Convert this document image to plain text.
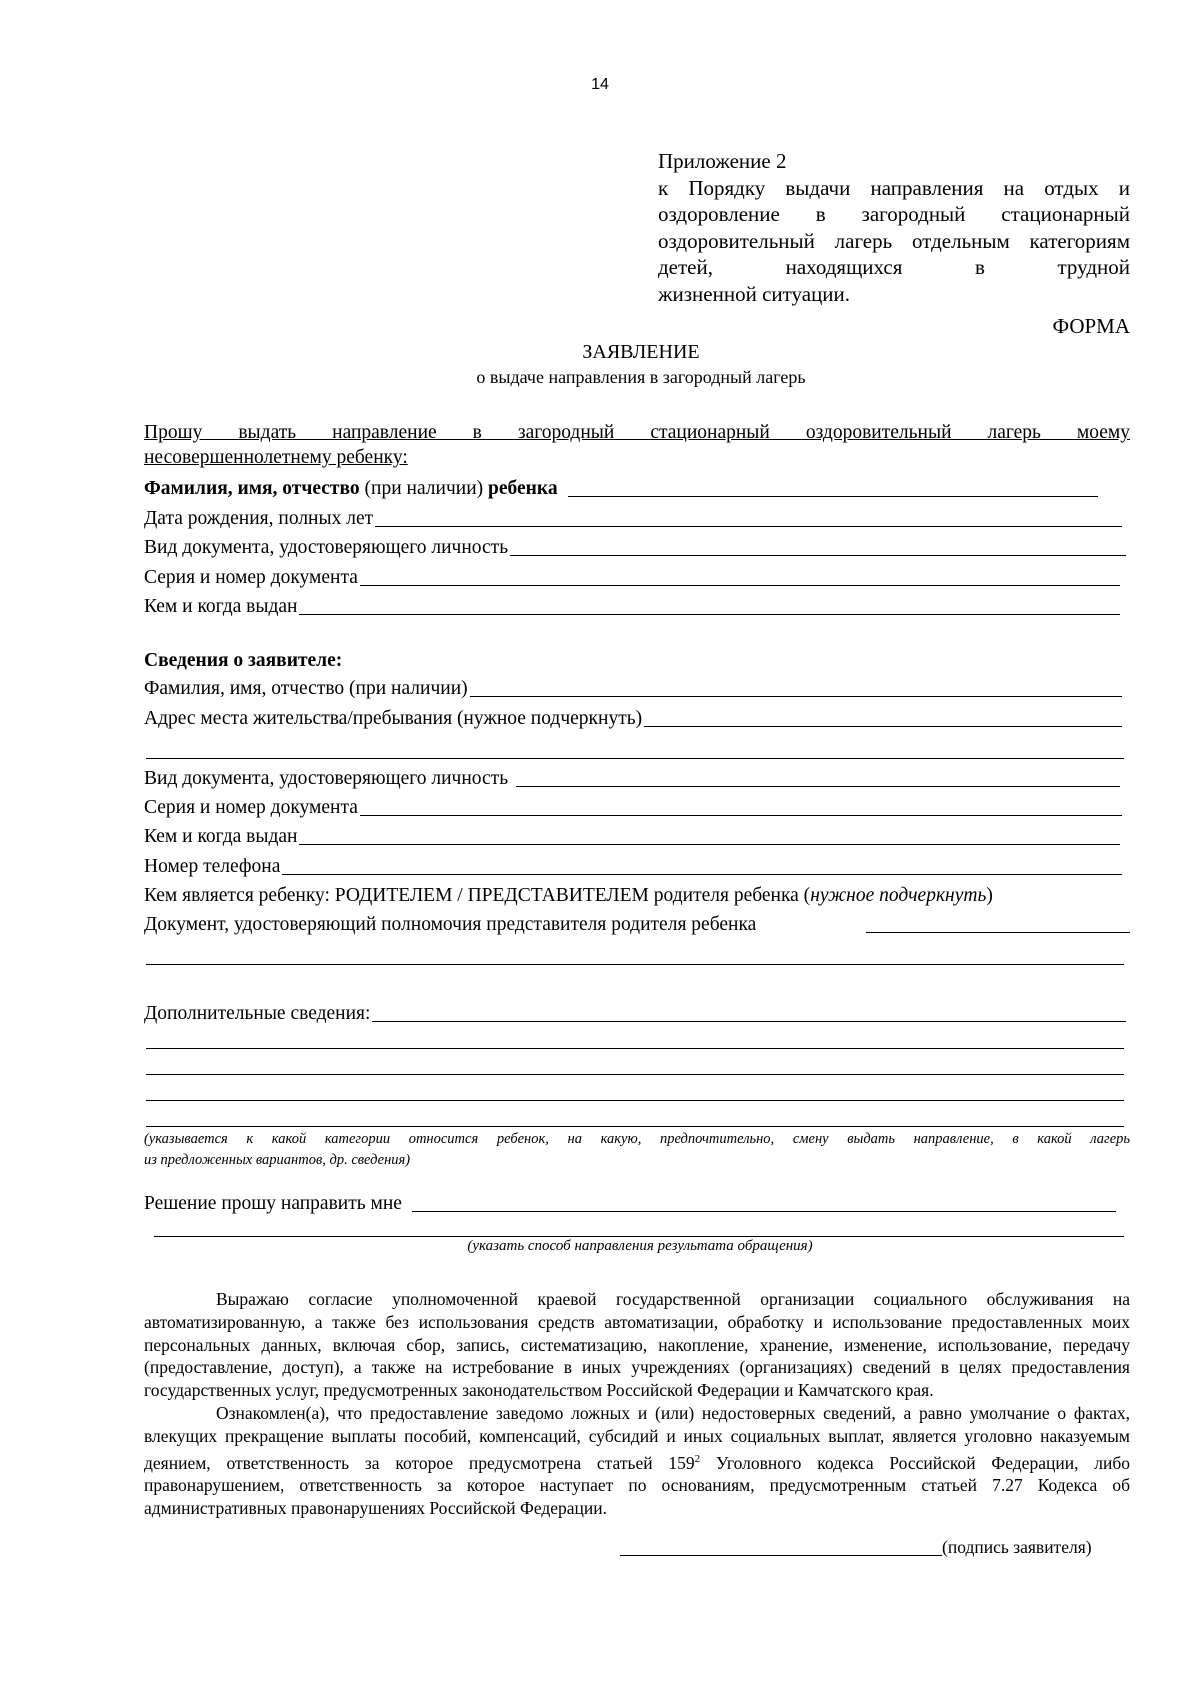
14
Приложение 2
к Порядку выдачи направления на отдых и оздоровление в загородный стационарный оздоровительный лагерь отдельным категориям детей, находящихся в трудной
жизненной ситуации.
ФОРМА
ЗАЯВЛЕНИЕ
о выдаче направления в загородный лагерь
Прошу выдать направление в загородный стационарный оздоровительный лагерь моему
несовершеннолетнему ребенку:
Фамилия, имя, отчество (при наличии) ребенка
Дата рождения, полных лет
Вид документа, удостоверяющего личность
Серия и номер документа
Кем и когда выдан
Сведения о заявителе:
Фамилия, имя, отчество (при наличии)
Адрес места жительства/пребывания (нужное подчеркнуть)
Вид документа, удостоверяющего личность
Серия и номер документа
Кем и когда выдан
Номер телефона
Кем является ребенку: РОДИТЕЛЕМ / ПРЕДСТАВИТЕЛЕМ родителя ребенка ( нужное подчеркнуть )
Документ, удостоверяющий полномочия представителя родителя ребенка
Дополнительные сведения:
(указывается к какой категории относится ребенок, на какую, предпочтительно, смену выдать направление, в какой лагерь
из предложенных вариантов, др. сведения)
Решение прошу направить мне
(указать способ направления результата обращения)

Выражаю согласие уполномоченной краевой государственной организации социального обслуживания на автоматизированную, а также без использования средств автоматизации, обработку и использование предоставленных моих персональных данных, включая сбор, запись, систематизацию, накопление, хранение, изменение, использование, передачу (предоставление, доступ), а также на истребование в иных учреждениях (организациях) сведений в целях предоставления государственных услуг, предусмотренных законодательством Российской Федерации и Камчатского края.

Ознакомлен(а), что предоставление заведомо ложных и (или) недостоверных сведений, а равно умолчание о фактах, влекущих прекращение выплаты пособий, компенсаций, субсидий и иных социальных выплат, является уголовно наказуемым деянием, ответственность за которое предусмотрена статьей $159^2$ Уголовного кодекса Российской Федерации, либо правонарушением, ответственность за которое наступает по основаниям, предусмотренным статьей 7.27 Кодекса об административных правонарушениях Российской Федерации.

(подпись заявителя)
